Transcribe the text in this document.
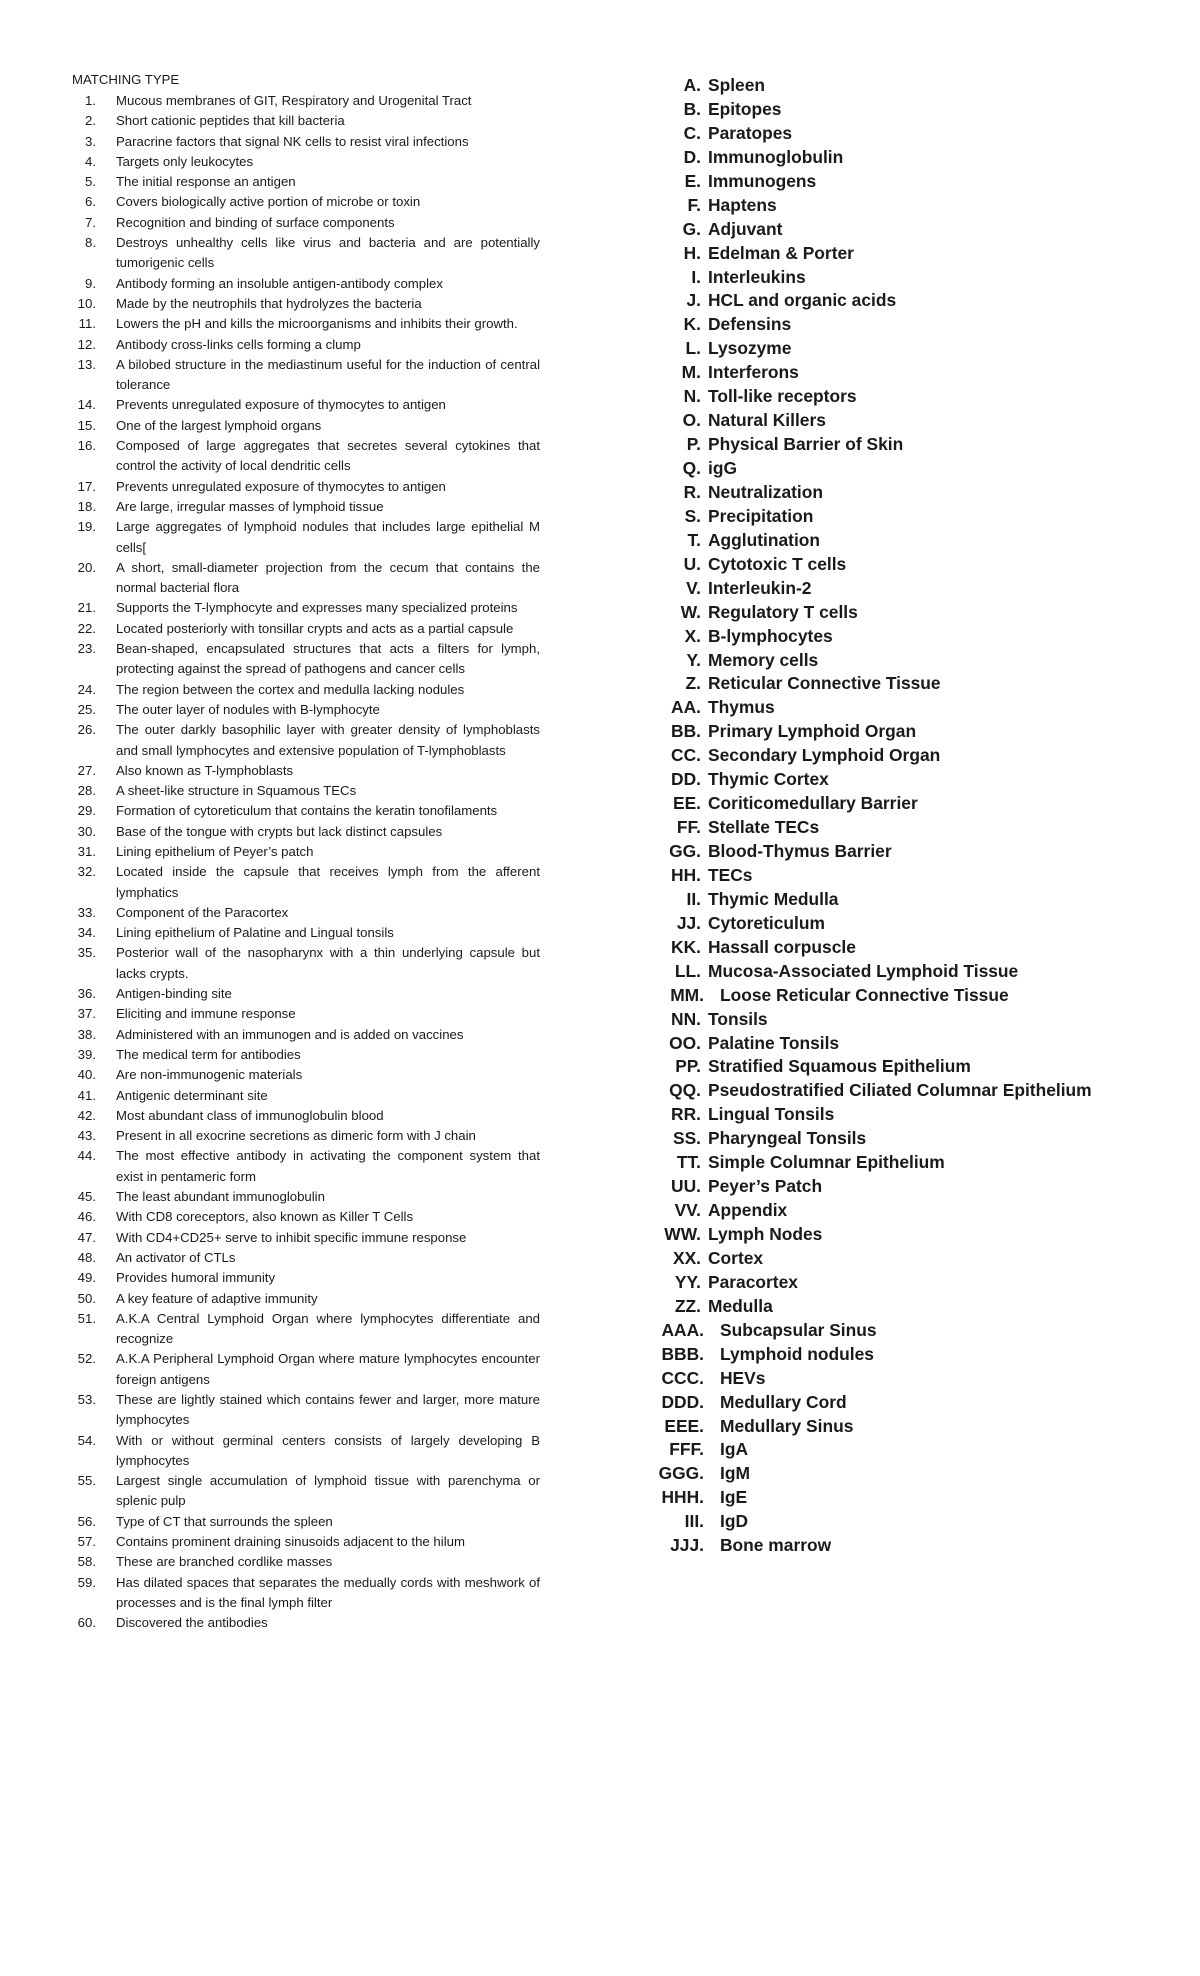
MATCHING TYPE
1.	Mucous membranes of GIT, Respiratory and Urogenital Tract
2.	Short cationic peptides that kill bacteria
3.	Paracrine factors that signal NK cells to resist viral infections
4.	Targets only leukocytes
5.	The initial response an antigen
6.	Covers biologically active portion of microbe or toxin
7.	Recognition and binding of surface components
8.	Destroys unhealthy cells like virus and bacteria and are potentially tumorigenic cells
9.	Antibody forming an insoluble antigen-antibody complex
10.	Made by the neutrophils that hydrolyzes the bacteria
11.	Lowers the pH and kills the microorganisms and inhibits their growth.
12.	Antibody cross-links cells forming a clump
13.	A bilobed structure in the mediastinum useful for the induction of central tolerance
14.	Prevents unregulated exposure of thymocytes to antigen
15.	One of the largest lymphoid organs
16.	Composed of large aggregates that secretes several cytokines that control the activity of local dendritic cells
17.	Prevents unregulated exposure of thymocytes to antigen
18.	Are large, irregular masses of lymphoid tissue
19.	Large aggregates of lymphoid nodules that includes large epithelial M cells[
20.	A short, small-diameter projection from the cecum that contains the normal bacterial flora
21.	Supports the T-lymphocyte and expresses many specialized proteins
22.	Located posteriorly with tonsillar crypts and acts as a partial capsule
23.	Bean-shaped, encapsulated structures that acts a filters for lymph, protecting against the spread of pathogens and cancer cells
24.	The region between the cortex and medulla lacking nodules
25.	The outer layer of nodules with B-lymphocyte
26.	The outer darkly basophilic layer with greater density of lymphoblasts and small lymphocytes and extensive population of T-lymphoblasts
27.	Also known as T-lymphoblasts
28.	A sheet-like structure in Squamous TECs
29.	Formation of cytoreticulum that contains the keratin tonofilaments
30.	Base of the tongue with crypts but lack distinct capsules
31.	Lining epithelium of Peyer’s patch
32.	Located inside the capsule that receives lymph from the afferent lymphatics
33.	Component of the Paracortex
34.	Lining epithelium of Palatine and Lingual tonsils
35.	Posterior wall of the nasopharynx with a thin underlying capsule but lacks crypts.
36.	Antigen-binding site
37.	Eliciting and immune response
38.	Administered with an immunogen and is added on vaccines
39.	The medical term for antibodies
40.	Are non-immunogenic materials
41.	Antigenic determinant site
42.	Most abundant class of immunoglobulin blood
43.	Present in all exocrine secretions as dimeric form with J chain
44.	The most effective antibody in activating the component system that exist in pentameric form
45.	The least abundant immunoglobulin
46.	With CD8 coreceptors, also known as Killer T Cells
47.	With CD4+CD25+ serve to inhibit specific immune response
48.	An activator of CTLs
49.	Provides humoral immunity
50.	A key feature of adaptive immunity
51.	A.K.A Central Lymphoid Organ where lymphocytes differentiate and recognize
52.	A.K.A Peripheral Lymphoid Organ where mature lymphocytes encounter foreign antigens
53.	These are lightly stained which contains fewer and larger, more mature lymphocytes
54.	With or without germinal centers consists of largely developing B lymphocytes
55.	Largest single accumulation of lymphoid tissue with parenchyma or splenic pulp
56.	Type of CT that surrounds the spleen
57.	Contains prominent draining sinusoids adjacent to the hilum
58.	These are branched cordlike masses
59.	Has dilated spaces that separates the medually cords with meshwork of processes and is the final lymph filter
60.	Discovered the antibodies
A. Spleen
B. Epitopes
C. Paratopes
D. Immunoglobulin
E. Immunogens
F. Haptens
G. Adjuvant
H. Edelman & Porter
I. Interleukins
J. HCL and organic acids
K. Defensins
L. Lysozyme
M. Interferons
N. Toll-like receptors
O. Natural Killers
P. Physical Barrier of Skin
Q. igG
R. Neutralization
S. Precipitation
T. Agglutination
U. Cytotoxic T cells
V. Interleukin-2
W. Regulatory T cells
X. B-lymphocytes
Y. Memory cells
Z. Reticular Connective Tissue
AA. Thymus
BB. Primary Lymphoid Organ
CC. Secondary Lymphoid Organ
DD. Thymic Cortex
EE. Coriticomedullary Barrier
FF. Stellate TECs
GG. Blood-Thymus Barrier
HH. TECs
II. Thymic Medulla
JJ. Cytoreticulum
KK. Hassall corpuscle
LL. Mucosa-Associated Lymphoid Tissue
MM. Loose Reticular Connective Tissue
NN. Tonsils
OO. Palatine Tonsils
PP. Stratified Squamous Epithelium
QQ. Pseudostratified Ciliated Columnar Epithelium
RR. Lingual Tonsils
SS. Pharyngeal Tonsils
TT. Simple Columnar Epithelium
UU. Peyer’s Patch
VV. Appendix
WW. Lymph Nodes
XX. Cortex
YY. Paracortex
ZZ. Medulla
AAA. Subcapsular Sinus
BBB. Lymphoid nodules
CCC. HEVs
DDD. Medullary Cord
EEE. Medullary Sinus
FFF. IgA
GGG. IgM
HHH. IgE
III. IgD
JJJ. Bone marrow
